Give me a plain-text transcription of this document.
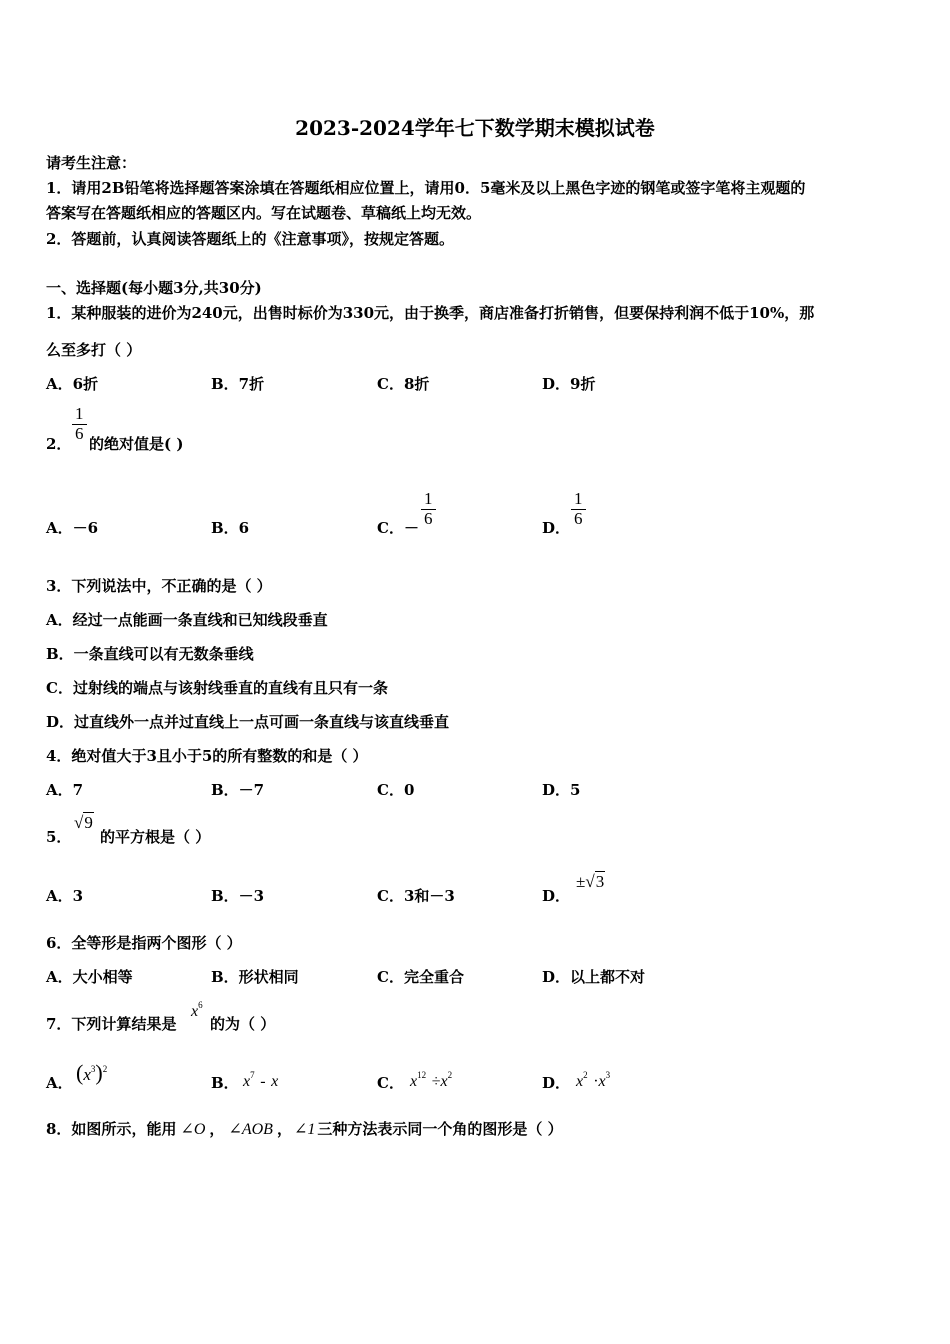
2023-2024学年七下数学期末模拟试卷
请考生注意：
1．请用2B铅笔将选择题答案涂填在答题纸相应位置上，请用0．5毫米及以上黑色字迹的钢笔或签字笔将主观题的
答案写在答题纸相应的答题区内。写在试题卷、草稿纸上均无效。
2．答题前，认真阅读答题纸上的《注意事项》，按规定答题。
一、选择题(每小题3分,共30分)
1．某种服装的进价为240元，出售时标价为330元，由于换季，商店准备打折销售，但要保持利润不低于10%，那
么至多打（ ）
A．6折	B．7折	C．8折	D．9折
2．
$\frac{1}{6}$
的绝对值是( )
A．－6	B．6	C．－ $\frac{1}{6}$	D． $\frac{1}{6}$
3．下列说法中，不正确的是（ ）
A．经过一点能画一条直线和已知线段垂直
B．一条直线可以有无数条垂线
C．过射线的端点与该射线垂直的直线有且只有一条
D．过直线外一点并过直线上一点可画一条直线与该直线垂直
4．绝对值大于3且小于5的所有整数的和是（ ）
A．7	B．－7	C．0	D．5
5．
√9
的平方根是（ ）
A．3	B．－3	C．3和－3	D．
±√3
6．全等形是指两个图形（ ）
A．大小相等	B．形状相同	C．完全重合	D．以上都不对
7．下列计算结果是
$x^6$
的为（ ）
A． $(x^3)^2$
B． $x^7$ - x	C． $x^{12} \div x^2$	D． $x^2 \cdot x^3$
8．如图所示，能用 ∠O ， ∠AOB ， ∠1 三种方法表示同一个角的图形是（ ）
